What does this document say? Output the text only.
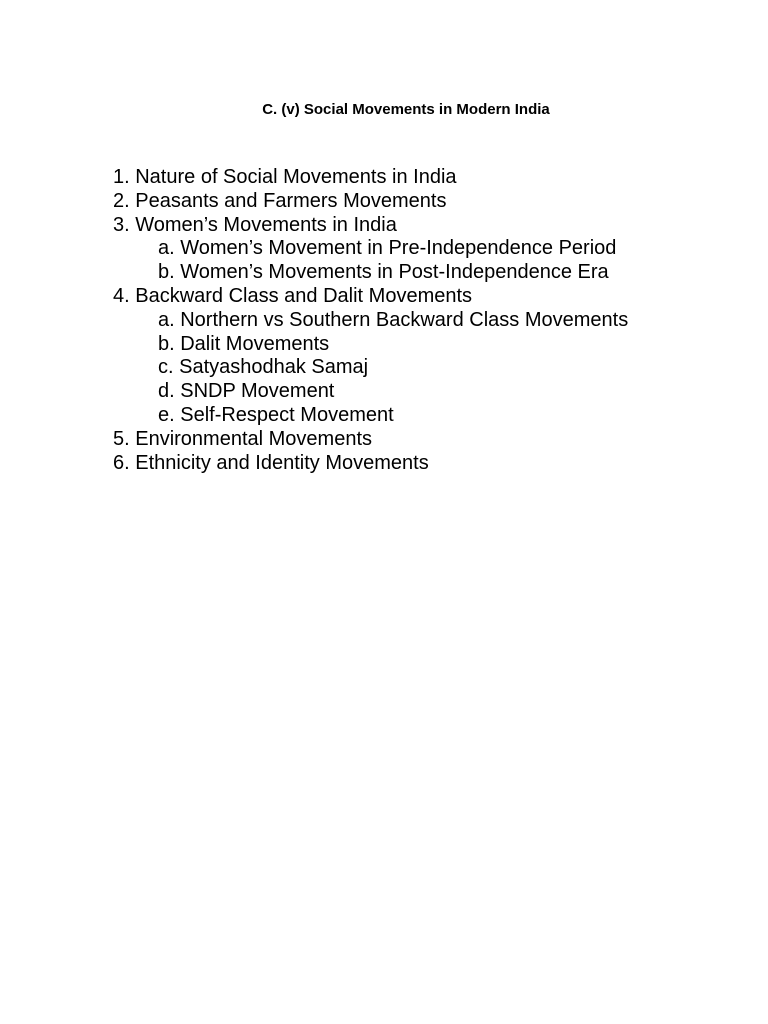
C. (v) Social Movements in Modern India
1. Nature of Social Movements in India
2. Peasants and Farmers Movements
3. Women’s Movements in India
a. Women’s Movement in Pre-Independence Period
b. Women’s Movements in Post-Independence Era
4. Backward Class and Dalit Movements
a. Northern vs Southern Backward Class Movements
b. Dalit Movements
c. Satyashodhak Samaj
d. SNDP Movement
e. Self-Respect Movement
5. Environmental Movements
6. Ethnicity and Identity Movements
